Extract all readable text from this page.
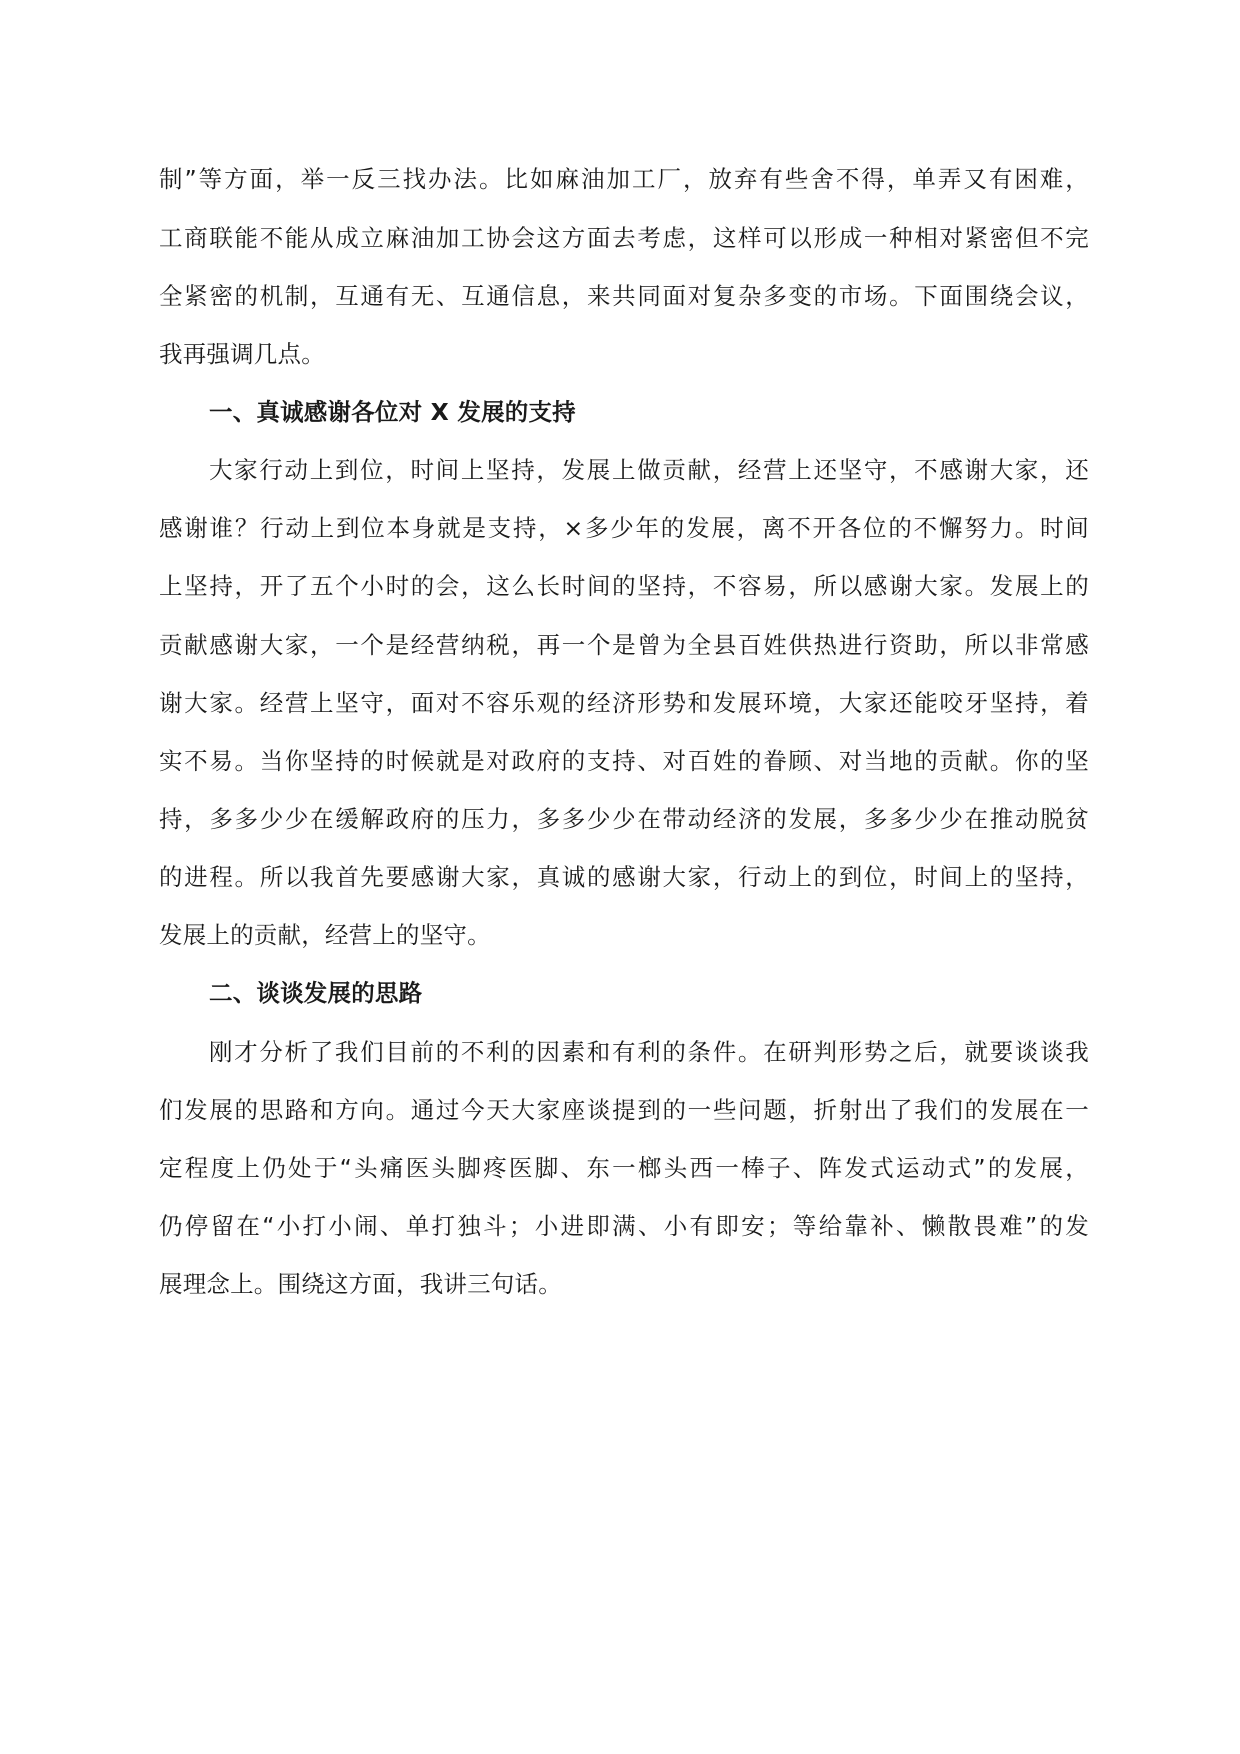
制”等方面，举一反三找办法。比如麻油加工厂，放弃有些舍不得，单弄又有困难，
工商联能不能从成立麻油加工协会这方面去考虑，这样可以形成一种相对紧密但不完
全紧密的机制，互通有无、互通信息，来共同面对复杂多变的市场。下面围绕会议，
我再强调几点。
一、真诚感谢各位对 X 发展的支持
大家行动上到位，时间上坚持，发展上做贡献，经营上还坚守，不感谢大家，还
感谢谁？行动上到位本身就是支持，×多少年的发展，离不开各位的不懈努力。时间
上坚持，开了五个小时的会，这么长时间的坚持，不容易，所以感谢大家。发展上的
贡献感谢大家，一个是经营纳税，再一个是曾为全县百姓供热进行资助，所以非常感
谢大家。经营上坚守，面对不容乐观的经济形势和发展环境，大家还能咬牙坚持，着
实不易。当你坚持的时候就是对政府的支持、对百姓的眷顾、对当地的贡献。你的坚
持，多多少少在缓解政府的压力，多多少少在带动经济的发展，多多少少在推动脱贫
的进程。所以我首先要感谢大家，真诚的感谢大家，行动上的到位，时间上的坚持，
发展上的贡献，经营上的坚守。
二、谈谈发展的思路
刚才分析了我们目前的不利的因素和有利的条件。在研判形势之后，就要谈谈我
们发展的思路和方向。通过今天大家座谈提到的一些问题，折射出了我们的发展在一
定程度上仍处于“头痛医头脚疼医脚、东一榔头西一棒子、阵发式运动式”的发展，
仍停留在“小打小闹、单打独斗；小进即满、小有即安；等给靠补、懒散畏难”的发
展理念上。围绕这方面，我讲三句话。
